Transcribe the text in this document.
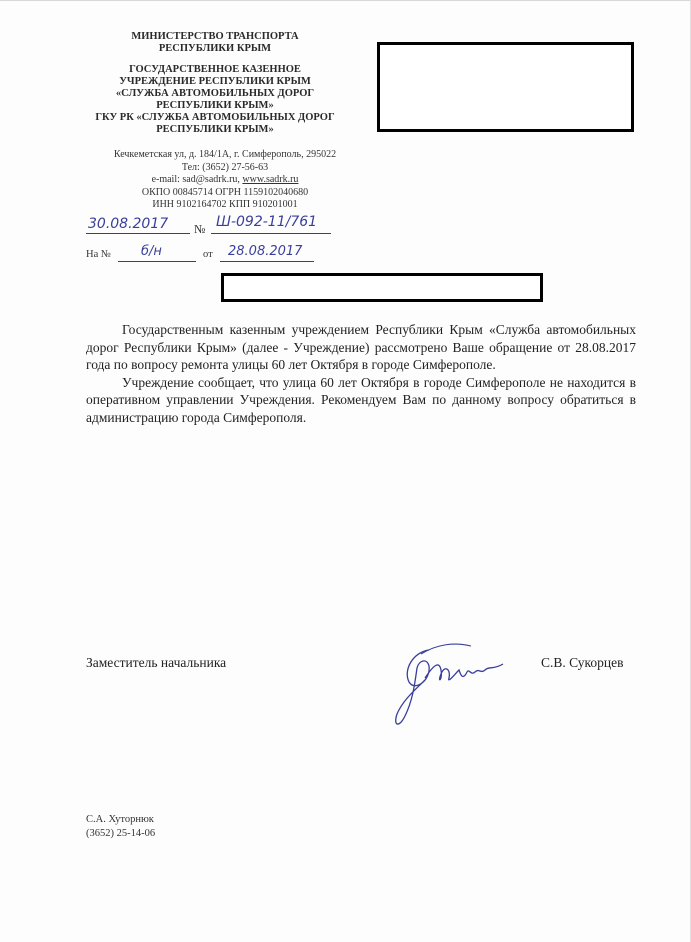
МИНИСТЕРСТВО ТРАНСПОРТА
РЕСПУБЛИКИ КРЫМ
ГОСУДАРСТВЕННОЕ КАЗЕННОЕ
УЧРЕЖДЕНИЕ РЕСПУБЛИКИ КРЫМ
«СЛУЖБА АВТОМОБИЛЬНЫХ ДОРОГ
РЕСПУБЛИКИ КРЫМ»
ГКУ РК «СЛУЖБА АВТОМОБИЛЬНЫХ ДОРОГ
РЕСПУБЛИКИ КРЫМ»
Кечкеметская ул, д. 184/1А, г. Симферополь, 295022
Тел: (3652) 27-56-63
e-mail: sad@sadrk.ru, www.sadrk.ru
ОКПО 00845714 ОГРН 1159102040680
ИНН 9102164702 КПП 910201001
30.08.2017 № Ш-092-11/761
На № б/н	от 28.08.2017

Государственным казенным учреждением Республики Крым «Служба автомобильных дорог Республики Крым» (далее - Учреждение) рассмотрено Ваше обращение от 28.08.2017 года по вопросу ремонта улицы 60 лет Октября в городе Симферополе.

Учреждение сообщает, что улица 60 лет Октября в городе Симферополе не находится в оперативном управлении Учреждения. Рекомендуем Вам по данному вопросу обратиться в администрацию города Симферополя.

Заместитель начальника	С.В. Сукорцев
С.А. Хуторнюк
(3652) 25-14-06
